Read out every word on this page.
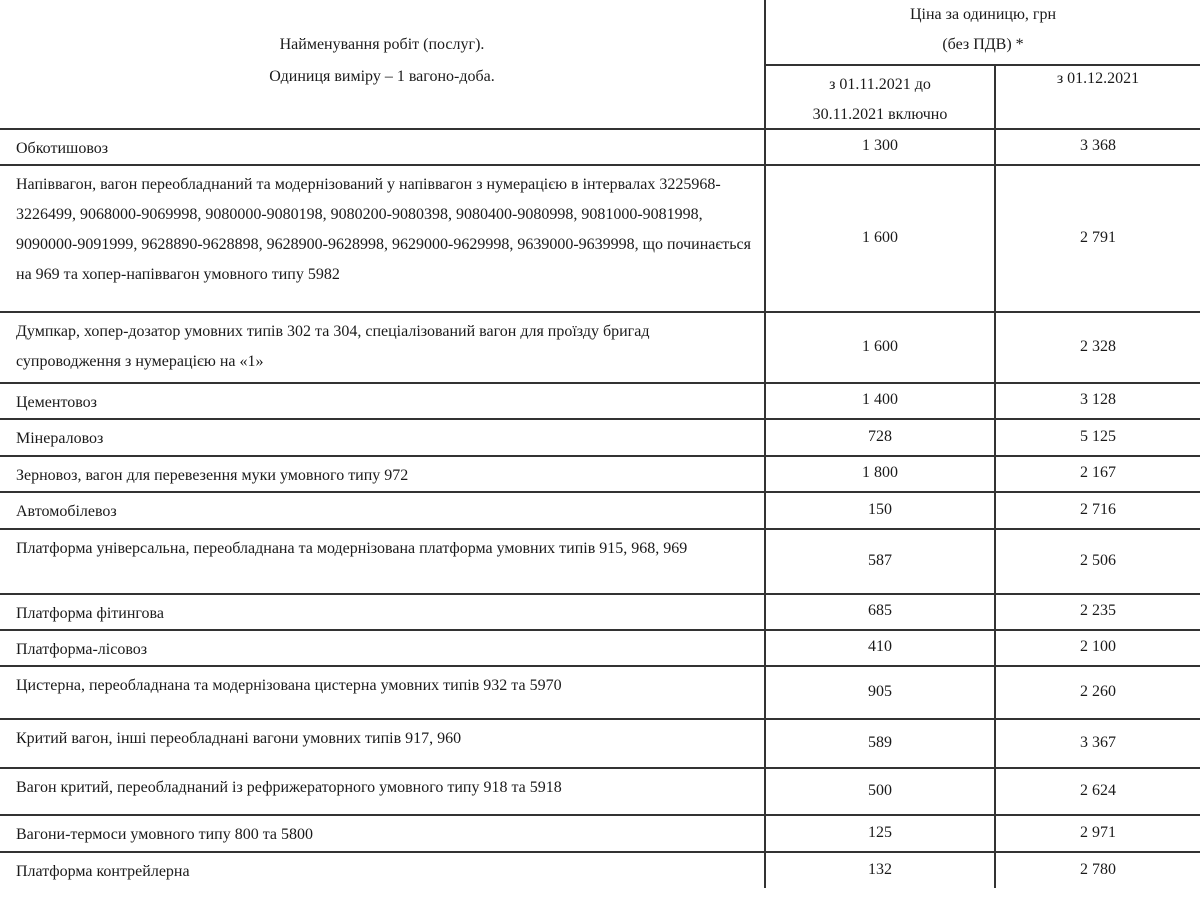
Найменування робіт (послуг).
Одиниця виміру – 1 вагоно-доба.
Ціна за одиницю, грн
(без ПДВ) *
з 01.11.2021 до
30.11.2021 включно
з 01.12.2021
Обкотишовоз	1 300	3 368
Напіввагон, вагон переобладнаний та модернізований у напіввагон з нумерацією в інтервалах 3225968-3226499, 9068000-9069998, 9080000-9080198, 9080200-9080398, 9080400-9080998, 9081000-9081998, 9090000-9091999, 9628890-9628898, 9628900-9628998, 9629000-9629998, 9639000-9639998, що починається на 969 та хопер-напіввагон умовного типу 5982
1 600	2 791
Думпкар, хопер-дозатор умовних типів 302 та 304, спеціалізований вагон для проїзду бригад супроводження з нумерацією на «1»
1 600	2 328
Цементовоз	1 400	3 128
Мінераловоз	728	5 125
Зерновоз, вагон для перевезення муки умовного типу 972	1 800	2 167
Автомобілевоз	150	2 716
Платформа універсальна, переобладнана та модернізована платформа умовних типів 915, 968, 969
587	2 506
Платформа фітингова	685	2 235
Платформа-лісовоз	410	2 100
Цистерна, переобладнана та модернізована цистерна умовних типів 932 та 5970	905	2 260
Критий вагон, інші переобладнані вагони умовних типів 917, 960	589	3 367
Вагон критий, переобладнаний із рефрижераторного умовного типу 918 та 5918	500	2 624
Вагони-термоси умовного типу 800 та 5800	125	2 971
Платформа контрейлерна	132	2 780
